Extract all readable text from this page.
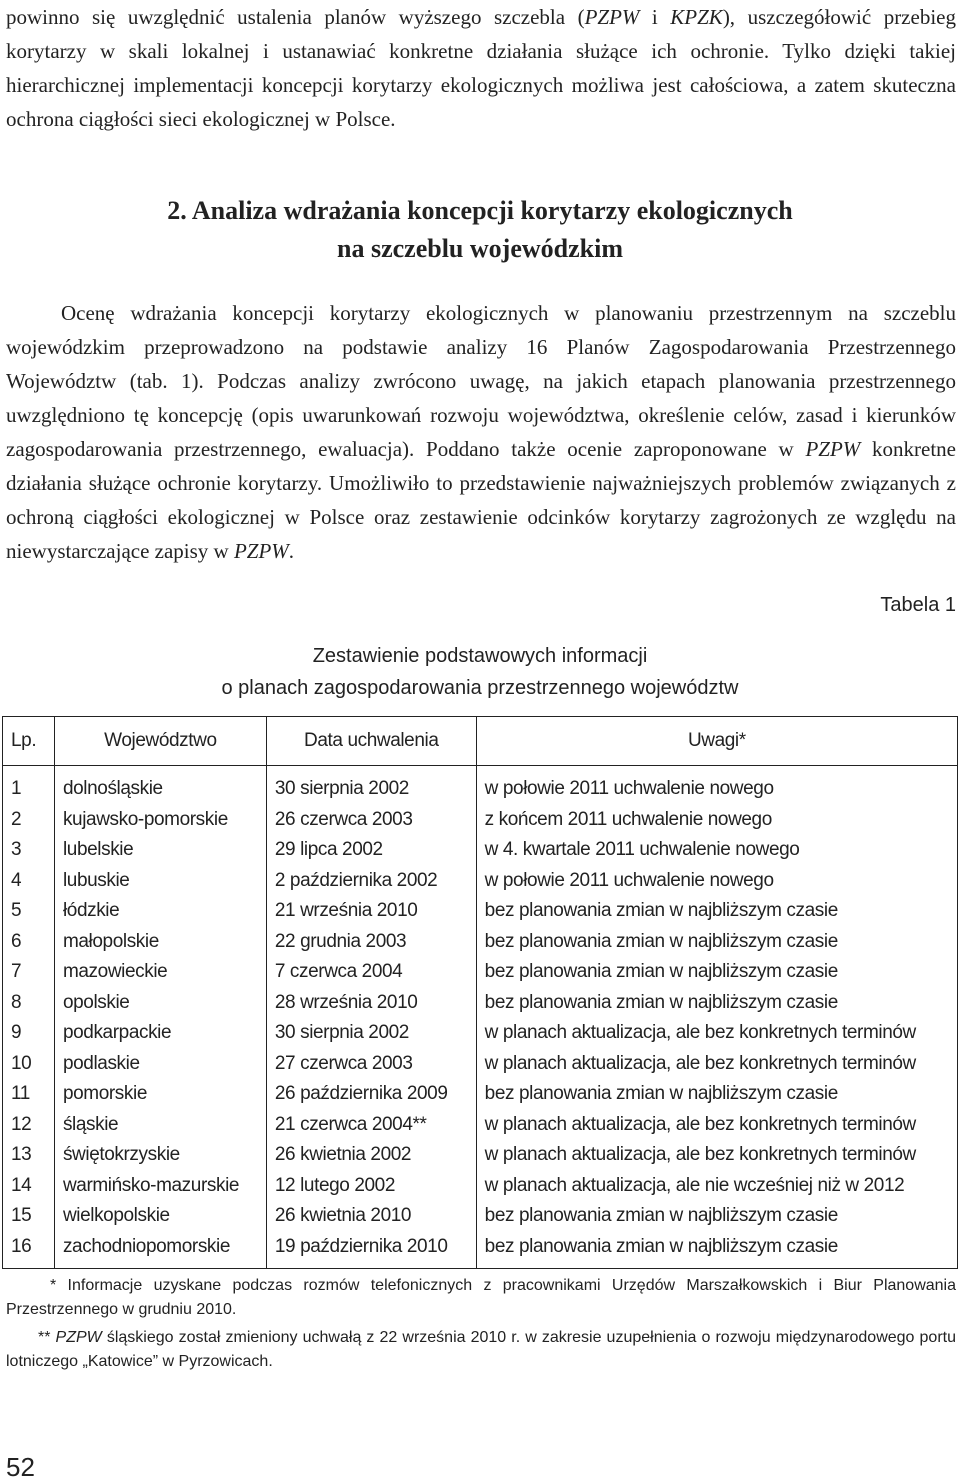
powinno się uwzględnić ustalenia planów wyższego szczebla (PZPW i KPZK), uszczegółowić przebieg korytarzy w skali lokalnej i ustanawiać konkretne działania służące ich ochronie. Tylko dzięki takiej hierarchicznej implementacji koncepcji korytarzy ekologicznych możliwa jest całościowa, a zatem skuteczna ochrona ciągłości sieci ekologicznej w Polsce.

2. Analiza wdrażania koncepcji korytarzy ekologicznych
na szczeblu wojewódzkim

Ocenę wdrażania koncepcji korytarzy ekologicznych w planowaniu przestrzennym na szczeblu wojewódzkim przeprowadzono na podstawie analizy 16 Planów Zagospodarowania Przestrzennego Województw (tab. 1). Podczas analizy zwrócono uwagę, na jakich etapach planowania przestrzennego uwzględniono tę koncepcję (opis uwarunkowań rozwoju województwa, określenie celów, zasad i kierunków zagospodarowania przestrzennego, ewaluacja). Poddano także ocenie zaproponowane w PZPW konkretne działania służące ochronie korytarzy. Umożliwiło to przedstawienie najważniejszych problemów związanych z ochroną ciągłości ekologicznej w Polsce oraz zestawienie odcinków korytarzy zagrożonych ze względu na niewystarczające zapisy w PZPW.

Tabela 1
Zestawienie podstawowych informacji
o planach zagospodarowania przestrzennego województw
Lp.	Województwo	Data uchwalenia	Uwagi*
1	dolnośląskie	30 sierpnia 2002	w połowie 2011 uchwalenie nowego
2	kujawsko-pomorskie	26 czerwca 2003	z końcem 2011 uchwalenie nowego
3	lubelskie	29 lipca 2002	w 4. kwartale 2011 uchwalenie nowego
4	lubuskie	2 października 2002	w połowie 2011 uchwalenie nowego
5	łódzkie	21 września 2010	bez planowania zmian w najbliższym czasie
6	małopolskie	22 grudnia 2003	bez planowania zmian w najbliższym czasie
7	mazowieckie	7 czerwca 2004	bez planowania zmian w najbliższym czasie
8	opolskie	28 września 2010	bez planowania zmian w najbliższym czasie
9	podkarpackie	30 sierpnia 2002	w planach aktualizacja, ale bez konkretnych terminów
10	podlaskie	27 czerwca 2003	w planach aktualizacja, ale bez konkretnych terminów
11	pomorskie	26 października 2009	bez planowania zmian w najbliższym czasie
12	śląskie	21 czerwca 2004**	w planach aktualizacja, ale bez konkretnych terminów
13	świętokrzyskie	26 kwietnia 2002	w planach aktualizacja, ale bez konkretnych terminów
14	warmińsko-mazurskie	12 lutego 2002	w planach aktualizacja, ale nie wcześniej niż w 2012
15	wielkopolskie	26 kwietnia 2010	bez planowania zmian w najbliższym czasie
16	zachodniopomorskie	19 października 2010	bez planowania zmian w najbliższym czasie

* Informacje uzyskane podczas rozmów telefonicznych z pracownikami Urzędów Marszałkowskich i Biur Planowania Przestrzennego w grudniu 2010.

** PZPW śląskiego został zmieniony uchwałą z 22 września 2010 r. w zakresie uzupełnienia o rozwoju międzynarodowego portu lotniczego „Katowice” w Pyrzowicach.

52
